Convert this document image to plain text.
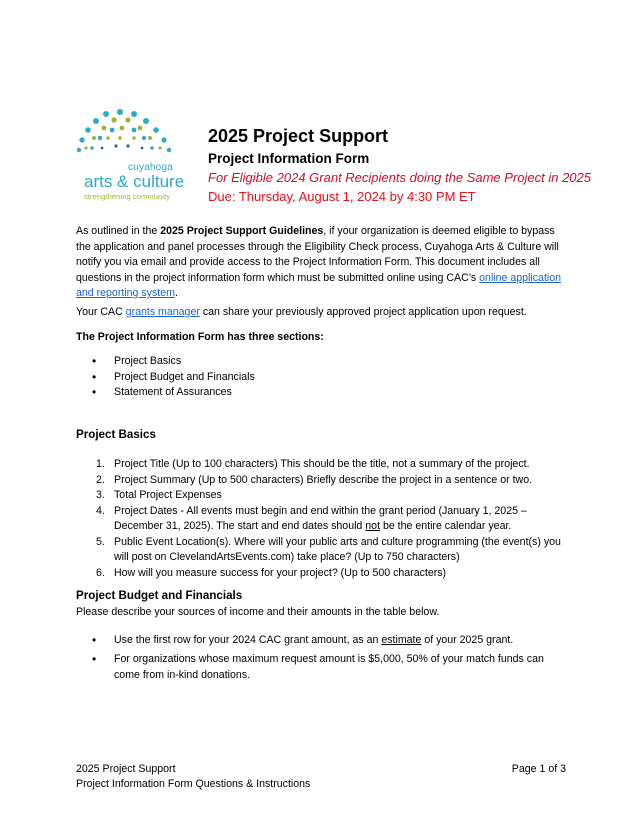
cuyahoga
arts & culture
strengthening community
2025 Project Support
Project Information Form
For Eligible 2024 Grant Recipients doing the Same Project in 2025
Due: Thursday, August 1, 2024 by 4:30 PM ET
As outlined in the 2025 Project Support Guidelines, if your organization is deemed eligible to bypass the application and panel processes through the Eligibility Check process, Cuyahoga Arts & Culture will notify you via email and provide access to the Project Information Form. This document includes all questions in the project information form which must be submitted online using CAC’s online application and reporting system.
Your CAC grants manager can share your previously approved project application upon request.
The Project Information Form has three sections:
• Project Basics
• Project Budget and Financials
• Statement of Assurances
Project Basics
1. Project Title (Up to 100 characters) This should be the title, not a summary of the project.
2. Project Summary (Up to 500 characters) Briefly describe the project in a sentence or two.
3. Total Project Expenses
4. Project Dates - All events must begin and end within the grant period (January 1, 2025 – December 31, 2025). The start and end dates should not be the entire calendar year.
5. Public Event Location(s). Where will your public arts and culture programming (the event(s) you will post on ClevelandArtsEvents.com) take place? (Up to 750 characters)
6. How will you measure success for your project? (Up to 500 characters)
Project Budget and Financials
Please describe your sources of income and their amounts in the table below.
• Use the first row for your 2024 CAC grant amount, as an estimate of your 2025 grant.
• For organizations whose maximum request amount is $5,000, 50% of your match funds can come from in-kind donations.
2025 Project Support
Project Information Form Questions & Instructions
Page 1 of 3
